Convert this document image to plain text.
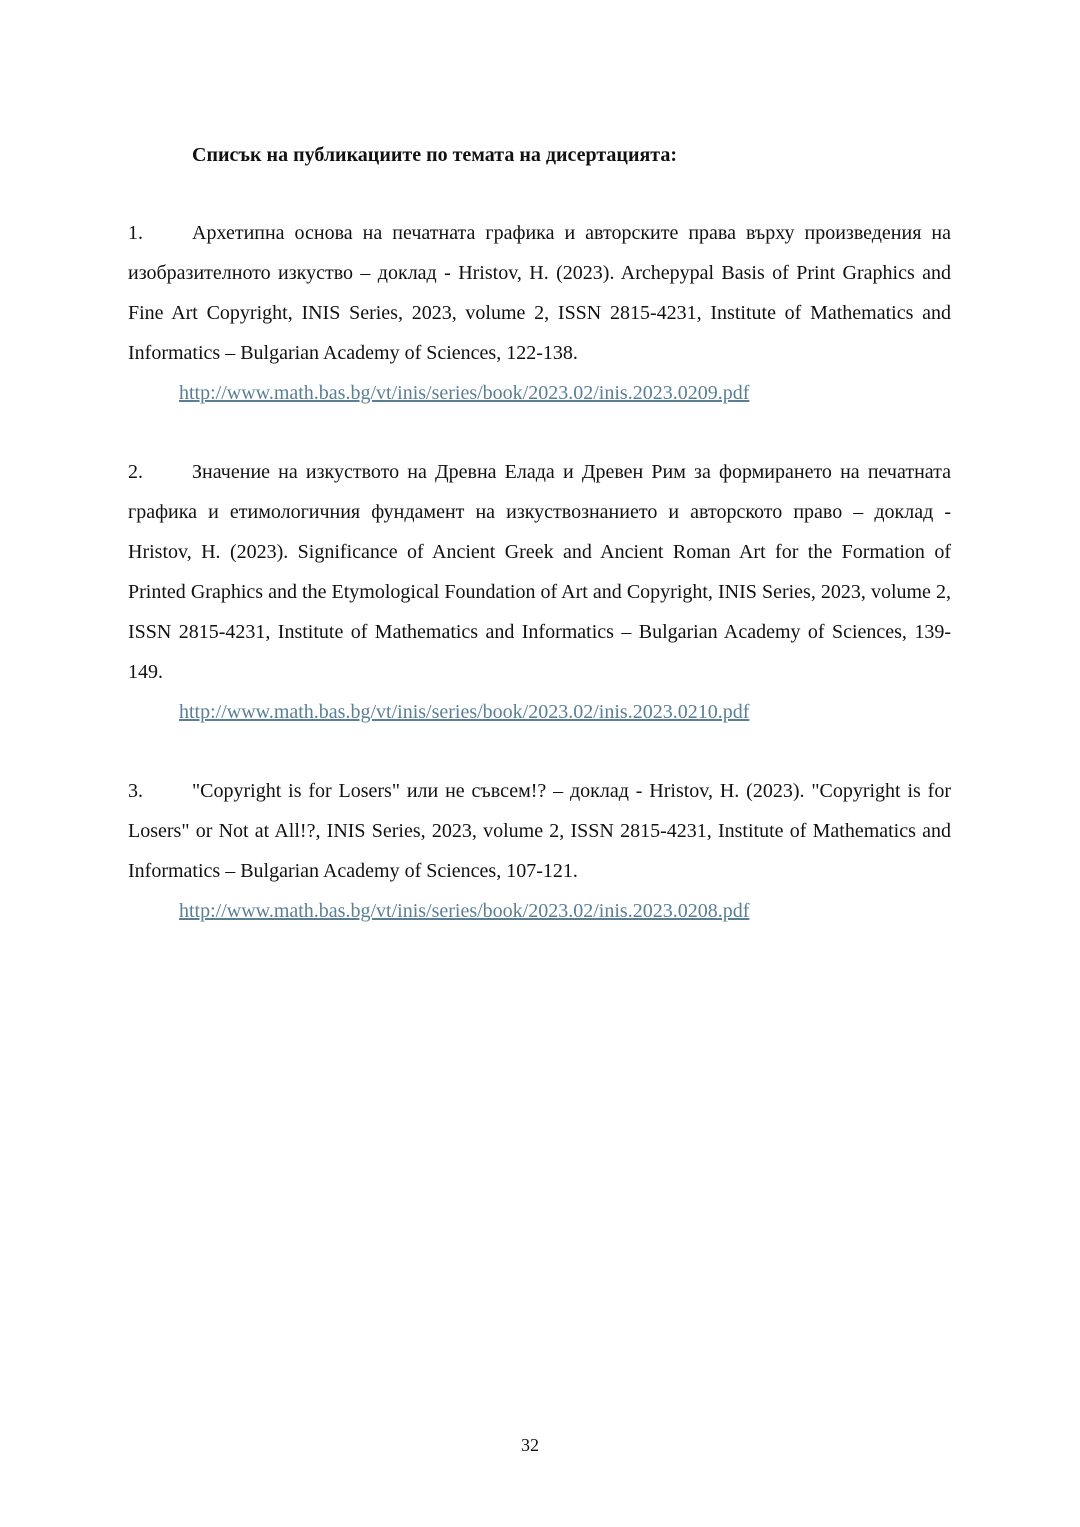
Списък на публикациите по темата на дисертацията:

1. Архетипна основа на печатната графика и авторските права върху произведения на изобразителното изкуство – доклад - Hristov, H. (2023). Archepypal Basis of Print Graphics and Fine Art Copyright, INIS Series, 2023, volume 2, ISSN 2815-4231, Institute of Mathematics and Informatics – Bulgarian Academy of Sciences, 122-138.

http://www.math.bas.bg/vt/inis/series/book/2023.02/inis.2023.0209.pdf

2. Значение на изкуството на Древна Елада и Древен Рим за формирането на печатната графика и етимологичния фундамент на изкуствознанието и авторското право – доклад - Hristov, H. (2023). Significance of Ancient Greek and Ancient Roman Art for the Formation of Printed Graphics and the Etymological Foundation of Art and Copyright, INIS Series, 2023, volume 2, ISSN 2815-4231, Institute of Mathematics and Informatics – Bulgarian Academy of Sciences, 139-149.

http://www.math.bas.bg/vt/inis/series/book/2023.02/inis.2023.0210.pdf

3. "Copyright is for Losers" или не съвсем!? – доклад - Hristov, H. (2023). "Copyright is for Losers" or Not at All!?, INIS Series, 2023, volume 2, ISSN 2815-4231, Institute of Mathematics and Informatics – Bulgarian Academy of Sciences, 107-121.

http://www.math.bas.bg/vt/inis/series/book/2023.02/inis.2023.0208.pdf
32
